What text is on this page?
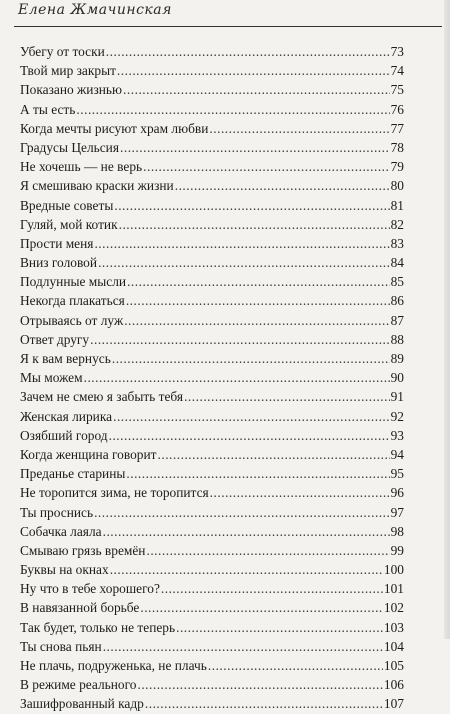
Елена Жмачинская
Убегу от тоски .....	73
Твой мир закрыт .....	74
Показано жизнью .....	75
А ты есть .....	76
Когда мечты рисуют храм любви .....	77
Градусы Цельсия .....	78
Не хочешь — не верь .....	79
Я смешиваю краски жизни .....	80
Вредные советы .....	81
Гуляй, мой котик .....	82
Прости меня .....	83
Вниз головой .....	84
Подлунные мысли .....	85
Некогда плакаться .....	86
Отрываясь от луж .....	87
Ответ другу .....	88
Я к вам вернусь .....	89
Мы можем .....	90
Зачем не смею я забыть тебя .....	91
Женская лирика .....	92
Озябший город .....	93
Когда женщина говорит .....	94
Преданье старины .....	95
Не торопится зима, не торопится .....	96
Ты проснись .....	97
Собачка лаяла .....	98
Смываю грязь времён .....	99
Буквы на окнах .....	100
Ну что в тебе хорошего? .....	101
В навязанной борьбе .....	102
Так будет, только не теперь .....	103
Ты снова пьян .....	104
Не плачь, подруженька, не плачь .....	105
В режиме реального .....	106
Зашифрованный кадр .....	107
